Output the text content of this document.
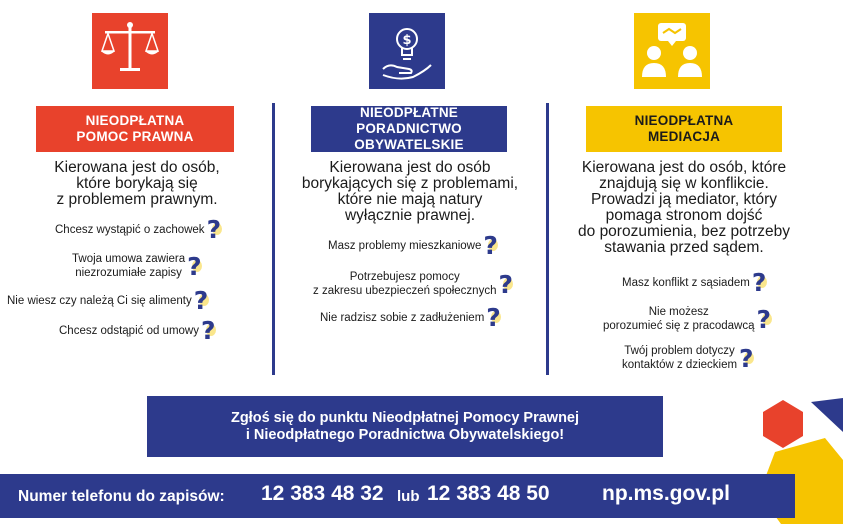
$
NIEODPŁATNA
POMOC PRAWNA
NIEODPŁATNE
PORADNICTWO OBYWATELSKIE
NIEODPŁATNA
MEDIACJA
Kierowana jest do osób,
które borykają się
z problemem prawnym.
Chcesz wystąpić o zachowek ?
Twoja umowa zawiera
niezrozumiałe zapisy ?
Nie wiesz czy należą Ci się alimenty ?
Chcesz odstąpić od umowy ?
Kierowana jest do osób
borykających się z problemami,
które nie mają natury
wyłącznie prawnej.
Masz problemy mieszkaniowe ?
Potrzebujesz pomocy
z zakresu ubezpieczeń społecznych ?
Nie radzisz sobie z zadłużeniem ?
Kierowana jest do osób, które
znajdują się w konflikcie.
Prowadzi ją mediator, który
pomaga stronom dojść
do porozumienia, bez potrzeby
stawania przed sądem.
Masz konflikt z sąsiadem ?
Nie możesz
porozumieć się z pracodawcą ?
Twój problem dotyczy
kontaktów z dzieckiem ?
Zgłoś się do punktu Nieodpłatnej Pomocy Prawnej
i Nieodpłatnego Poradnictwa Obywatelskiego!
Numer telefonu do zapisów: 12 383 48 32 lub 12 383 48 50 np.ms.gov.pl
